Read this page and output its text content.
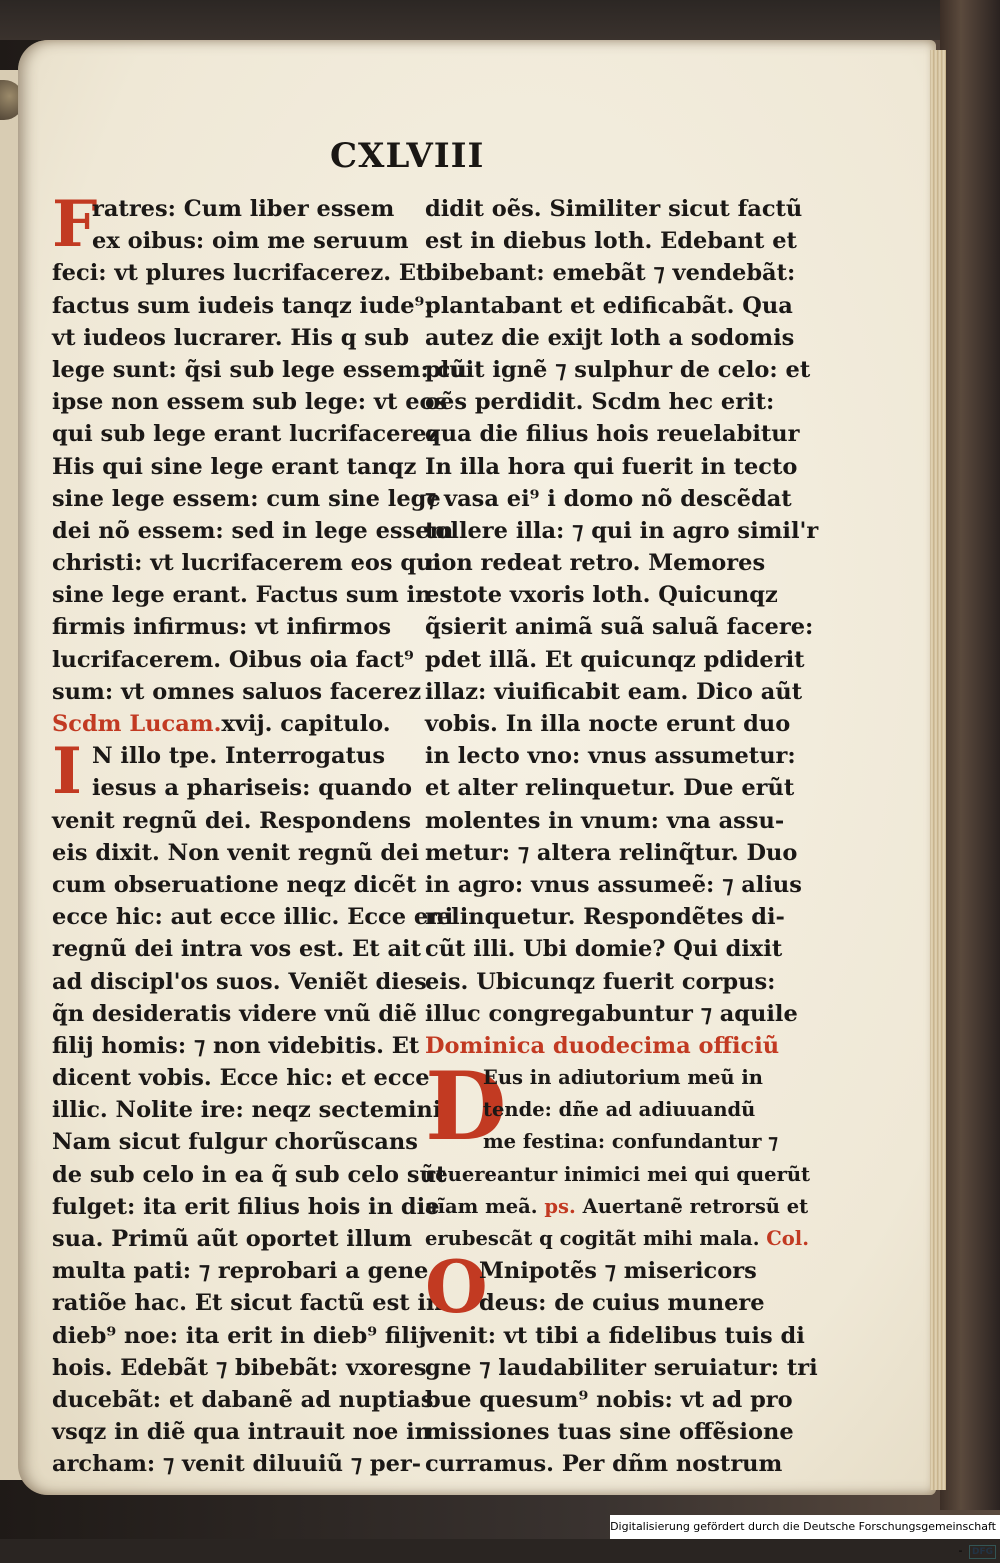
CXLVIII
F
ratres: Cum liber essem
ex oibus: oim me seruum
feci: vt plures lucrifacerez. Et
factus sum iudeis tanqz iude⁹:
vt iudeos lucrarer. His q sub
lege sunt: q̃si sub lege essem: cũ
ipse non essem sub lege: vt eos
qui sub lege erant lucrifacerez
His qui sine lege erant tanqz
sine lege essem: cum sine lege
dei nõ essem: sed in lege essem
christi: vt lucrifacerem eos qui
sine lege erant. Factus sum in
firmis infirmus: vt infirmos
lucrifacerem. Oibus oia fact⁹
sum: vt omnes saluos facerez
Scdm Lucam.xvij. capitulo.
I N illo tpe. Interrogatus
iesus a phariseis: quando
venit regnũ dei. Respondens
eis dixit. Non venit regnũ dei
cum obseruatione neqz dicẽt
ecce hic: aut ecce illic. Ecce eni
regnũ dei intra vos est. Et ait
ad discipl'os suos. Veniẽt dies
q̃n desideratis videre vnũ diẽ
filij homis: ⁊ non videbitis. Et
dicent vobis. Ecce hic: et ecce
illic. Nolite ire: neqz sectemini
Nam sicut fulgur chorũscans
de sub celo in ea q̃ sub celo sũt
fulget: ita erit filius hois in die
sua. Primũ aũt oportet illum
multa pati: ⁊ reprobari a gene
ratiõe hac. Et sicut factũ est in
dieb⁹ noe: ita erit in dieb⁹ filij
hois. Edebãt ⁊ bibebãt: vxores
ducebãt: et dabanẽ ad nuptias
vsqz in diẽ qua intrauit noe in
archam: ⁊ venit diluuiũ ⁊ per-
didit oẽs. Similiter sicut factũ
est in diebus loth. Edebant et
bibebant: emebãt ⁊ vendebãt:
plantabant et edificabãt. Qua
autez die exijt loth a sodomis
pluit ignẽ ⁊ sulphur de celo: et
oẽs perdidit. Scdm hec erit:
qua die filius hois reuelabitur
In illa hora qui fuerit in tecto
⁊ vasa ei⁹ i domo nõ descẽdat
tollere illa: ⁊ qui in agro simil'r
non redeat retro. Memores
estote vxoris loth. Quicunqz
q̃sierit animã suã saluã facere:
pdet illã. Et quicunqz pdiderit
illaz: viuificabit eam. Dico aũt
vobis. In illa nocte erunt duo
in lecto vno: vnus assumetur:
et alter relinquetur. Due erũt
molentes in vnum: vna assu-
metur: ⁊ altera relinq̃tur. Duo
in agro: vnus assumeẽ: ⁊ alius
relinquetur. Respondẽtes di-
cũt illi. Ubi domie? Qui dixit
eis. Ubicunqz fuerit corpus:
illuc congregabuntur ⁊ aquile
Dominica duodecima officiũ
D
Eus in adiutorium meũ in
tende: dñe ad adiuuandũ
me festina: confundantur ⁊
reuereantur inimici mei qui querũt
aĩam meã. ps. Auertanẽ retrorsũ et
erubescãt q cogitãt mihi mala. Col.
O
Mnipotẽs ⁊ misericors
deus: de cuius munere
venit: vt tibi a fidelibus tuis di
gne ⁊ laudabiliter seruiatur: tri
bue quesum⁹ nobis: vt ad pro
missiones tuas sine offẽsione
curramus. Per dñm nostrum
Digitalisierung gefördert durch die Deutsche Forschungsgemeinschaft - DFG
